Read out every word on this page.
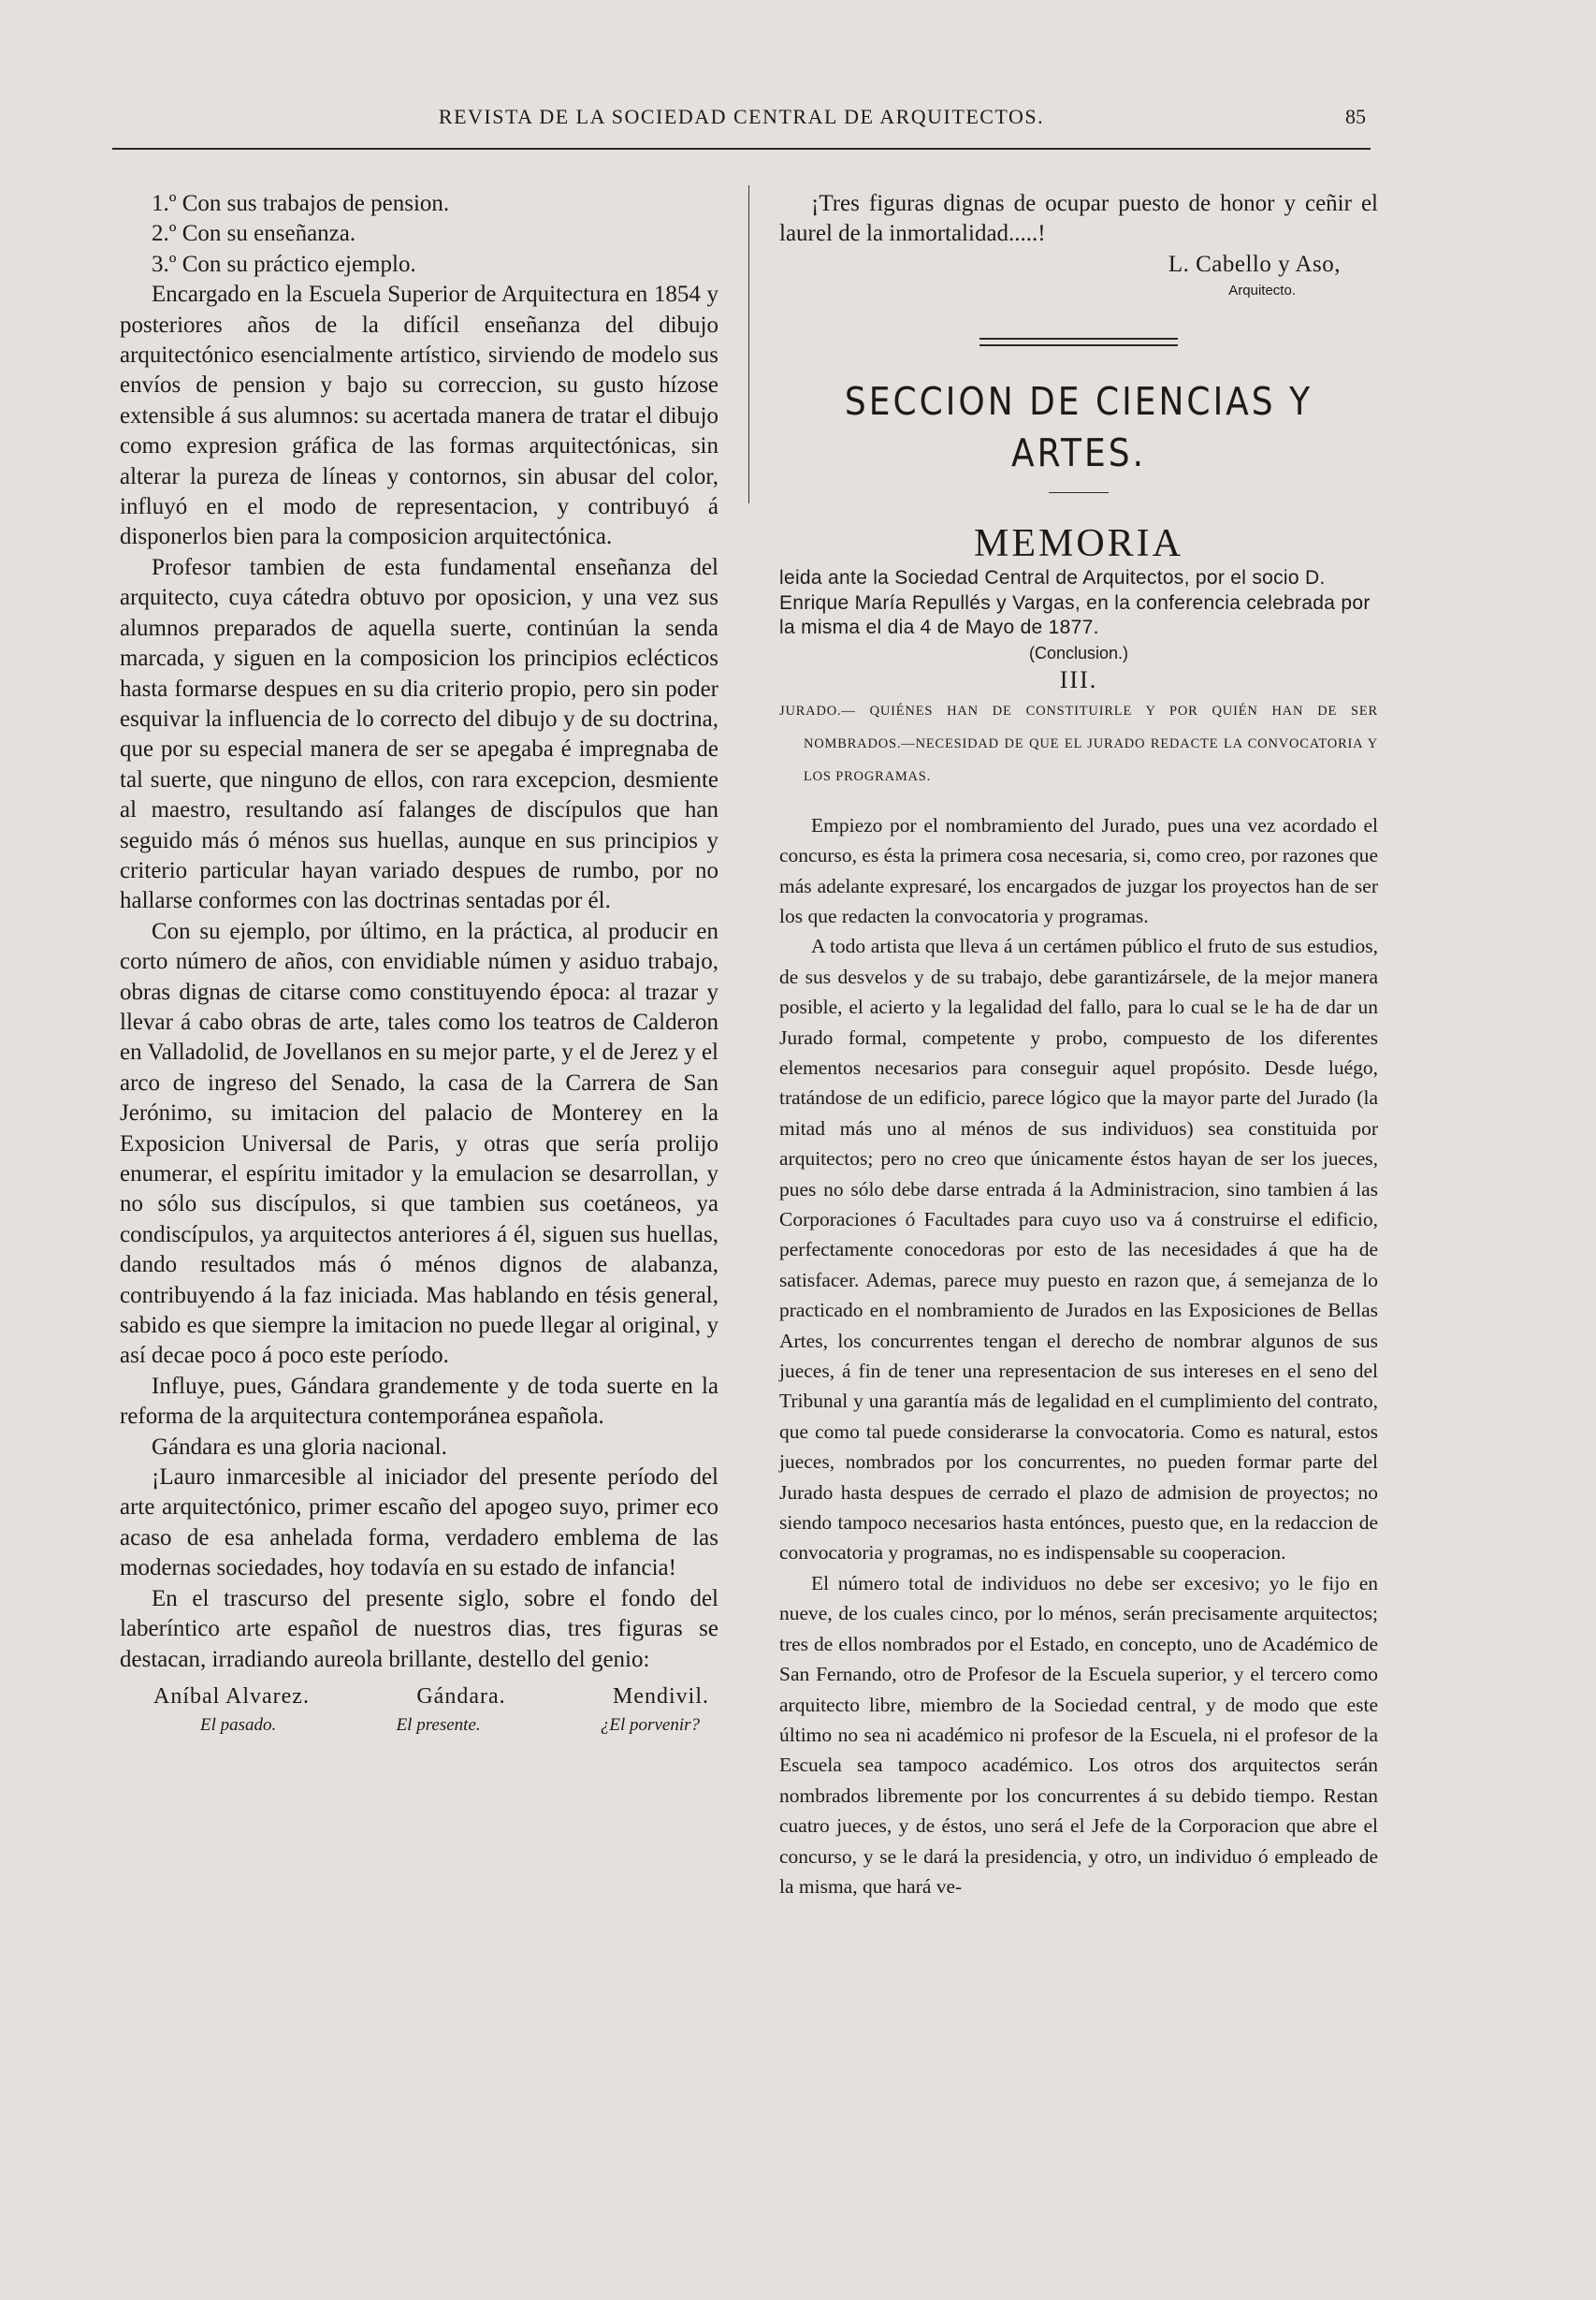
REVISTA DE LA SOCIEDAD CENTRAL DE ARQUITECTOS.	85

1.º Con sus trabajos de pension.

2.º Con su enseñanza.

3.º Con su práctico ejemplo.

Encargado en la Escuela Superior de Arquitectura en 1854 y posteriores años de la difícil enseñanza del dibujo arquitectónico esencialmente artístico, sirviendo de modelo sus envíos de pension y bajo su correccion, su gusto hízose extensible á sus alumnos: su acertada manera de tratar el dibujo como expresion gráfica de las formas arquitectónicas, sin alterar la pureza de líneas y contornos, sin abusar del color, influyó en el modo de representacion, y contribuyó á disponerlos bien para la composicion arquitectónica.

Profesor tambien de esta fundamental enseñanza del arquitecto, cuya cátedra obtuvo por oposicion, y una vez sus alumnos preparados de aquella suerte, continúan la senda marcada, y siguen en la composicion los principios eclécticos hasta formarse despues en su dia criterio propio, pero sin poder esquivar la influencia de lo correcto del dibujo y de su doctrina, que por su especial manera de ser se apegaba é impregnaba de tal suerte, que ninguno de ellos, con rara excepcion, desmiente al maestro, resultando así falanges de discípulos que han seguido más ó ménos sus huellas, aunque en sus principios y criterio particular hayan variado despues de rumbo, por no hallarse conformes con las doctrinas sentadas por él.

Con su ejemplo, por último, en la práctica, al producir en corto número de años, con envidiable númen y asiduo trabajo, obras dignas de citarse como constituyendo época: al trazar y llevar á cabo obras de arte, tales como los teatros de Calderon en Valladolid, de Jovellanos en su mejor parte, y el de Jerez y el arco de ingreso del Senado, la casa de la Carrera de San Jerónimo, su imitacion del palacio de Monterey en la Exposicion Universal de Paris, y otras que sería prolijo enumerar, el espíritu imitador y la emulacion se desarrollan, y no sólo sus discípulos, si que tambien sus coetáneos, ya condiscípulos, ya arquitectos anteriores á él, siguen sus huellas, dando resultados más ó ménos dignos de alabanza, contribuyendo á la faz iniciada. Mas hablando en tésis general, sabido es que siempre la imitacion no puede llegar al original, y así decae poco á poco este período.

Influye, pues, Gándara grandemente y de toda suerte en la reforma de la arquitectura contemporánea española.

Gándara es una gloria nacional.

¡Lauro inmarcesible al iniciador del presente período del arte arquitectónico, primer escaño del apogeo suyo, primer eco acaso de esa anhelada forma, verdadero emblema de las modernas sociedades, hoy todavía en su estado de infancia!

En el trascurso del presente siglo, sobre el fondo del laberíntico arte español de nuestros dias, tres figuras se destacan, irradiando aureola brillante, destello del genio:

Aníbal Alvarez.	Gándara.	Mendivil.
El pasado.	El presente.	¿El porvenir?

¡Tres figuras dignas de ocupar puesto de honor y ceñir el laurel de la inmortalidad.....!

L. Cabello y Aso,

Arquitecto.

SECCION DE CIENCIAS Y ARTES.
MEMORIA

leida ante la Sociedad Central de Arquitectos, por el socio D. Enrique María Repullés y Vargas, en la conferencia celebrada por la misma el dia 4 de Mayo de 1877.

(Conclusion.)

III.

JURADO.— QUIÉNES HAN DE CONSTITUIRLE Y POR QUIÉN HAN DE SER NOMBRADOS.—NECESIDAD DE QUE EL JURADO REDACTE LA CONVOCATORIA Y LOS PROGRAMAS.

Empiezo por el nombramiento del Jurado, pues una vez acordado el concurso, es ésta la primera cosa necesaria, si, como creo, por razones que más adelante expresaré, los encargados de juzgar los proyectos han de ser los que redacten la convocatoria y programas.

A todo artista que lleva á un certámen público el fruto de sus estudios, de sus desvelos y de su trabajo, debe garantizársele, de la mejor manera posible, el acierto y la legalidad del fallo, para lo cual se le ha de dar un Jurado formal, competente y probo, compuesto de los diferentes elementos necesarios para conseguir aquel propósito. Desde luégo, tratándose de un edificio, parece lógico que la mayor parte del Jurado (la mitad más uno al ménos de sus individuos) sea constituida por arquitectos; pero no creo que únicamente éstos hayan de ser los jueces, pues no sólo debe darse entrada á la Administracion, sino tambien á las Corporaciones ó Facultades para cuyo uso va á construirse el edificio, perfectamente conocedoras por esto de las necesidades á que ha de satisfacer. Ademas, parece muy puesto en razon que, á semejanza de lo practicado en el nombramiento de Jurados en las Exposiciones de Bellas Artes, los concurrentes tengan el derecho de nombrar algunos de sus jueces, á fin de tener una representacion de sus intereses en el seno del Tribunal y una garantía más de legalidad en el cumplimiento del contrato, que como tal puede considerarse la convocatoria. Como es natural, estos jueces, nombrados por los concurrentes, no pueden formar parte del Jurado hasta despues de cerrado el plazo de admision de proyectos; no siendo tampoco necesarios hasta entónces, puesto que, en la redaccion de convocatoria y programas, no es indispensable su cooperacion.

El número total de individuos no debe ser excesivo; yo le fijo en nueve, de los cuales cinco, por lo ménos, serán precisamente arquitectos; tres de ellos nombrados por el Estado, en concepto, uno de Académico de San Fernando, otro de Profesor de la Escuela superior, y el tercero como arquitecto libre, miembro de la Sociedad central, y de modo que este último no sea ni académico ni profesor de la Escuela, ni el profesor de la Escuela sea tampoco académico. Los otros dos arquitectos serán nombrados libremente por los concurrentes á su debido tiempo. Restan cuatro jueces, y de éstos, uno será el Jefe de la Corporacion que abre el concurso, y se le dará la presidencia, y otro, un individuo ó empleado de la misma, que hará ve-
